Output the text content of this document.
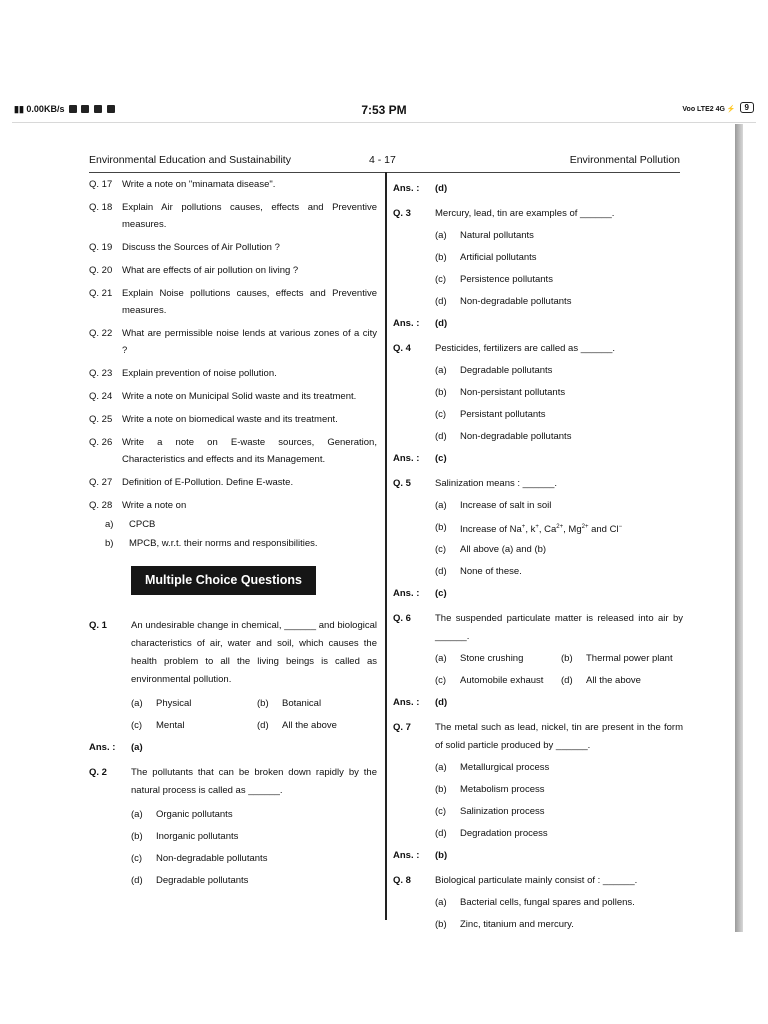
▮▮ 0.00KB/s	7:53 PM	Voo LTE2 4G ⚡ 9
Environmental Education and Sustainability	4 - 17	Environmental Pollution
Q. 17 Write a note on "minamata disease".
Q. 18 Explain Air pollutions causes, effects and Preventive measures.
Q. 19 Discuss the Sources of Air Pollution ?
Q. 20 What are effects of air pollution on living ?
Q. 21 Explain Noise pollutions causes, effects and Preventive measures.
Q. 22 What are permissible noise lends at various zones of a city ?
Q. 23 Explain prevention of noise pollution.
Q. 24 Write a note on Municipal Solid waste and its treatment.
Q. 25 Write a note on biomedical waste and its treatment.
Q. 26 Write a note on E-waste sources, Generation, Characteristics and effects and its Management.
Q. 27 Definition of E-Pollution. Define E-waste.
Q. 28 Write a note on
a) CPCB
b) MPCB, w.r.t. their norms and responsibilities.
Multiple Choice Questions
Q. 1	An undesirable change in chemical, ______ and biological characteristics of air, water and soil, which causes the health problem to all the living beings is called as environmental pollution.
(a) Physical	(b) Botanical
(c) Mental	(d) All the above
Ans. : (a)
Q. 2	The pollutants that can be broken down rapidly by the natural process is called as ______.
(a) Organic pollutants
(b) Inorganic pollutants
(c) Non-degradable pollutants
(d) Degradable pollutants
Ans. : (d)
Q. 3	Mercury, lead, tin are examples of ______.
(a) Natural pollutants
(b) Artificial pollutants
(c) Persistence pollutants
(d) Non-degradable pollutants
Ans. : (d)
Q. 4	Pesticides, fertilizers are called as ______.
(a) Degradable pollutants
(b) Non-persistant pollutants
(c) Persistant pollutants
(d) Non-degradable pollutants
Ans. : (c)
Q. 5	Salinization means : ______.
(a) Increase of salt in soil
(b) Increase of Na+, k+, $Ca^{2+}$, $Mg^{2+}$ and Cl−
(c) All above (a) and (b)
(d) None of these.
Ans. : (c)
Q. 6	The suspended particulate matter is released into air by ______.
(a) Stone crushing	(b) Thermal power plant
(c) Automobile exhaust (d) All the above
Ans. : (d)
Q. 7	The metal such as lead, nickel, tin are present in the form of solid particle produced by ______.
(a) Metallurgical process
(b) Metabolism process
(c) Salinization process
(d) Degradation process
Ans. : (b)
Q. 8	Biological particulate mainly consist of : ______.
(a) Bacterial cells, fungal spares and pollens.
(b) Zinc, titanium and mercury.
